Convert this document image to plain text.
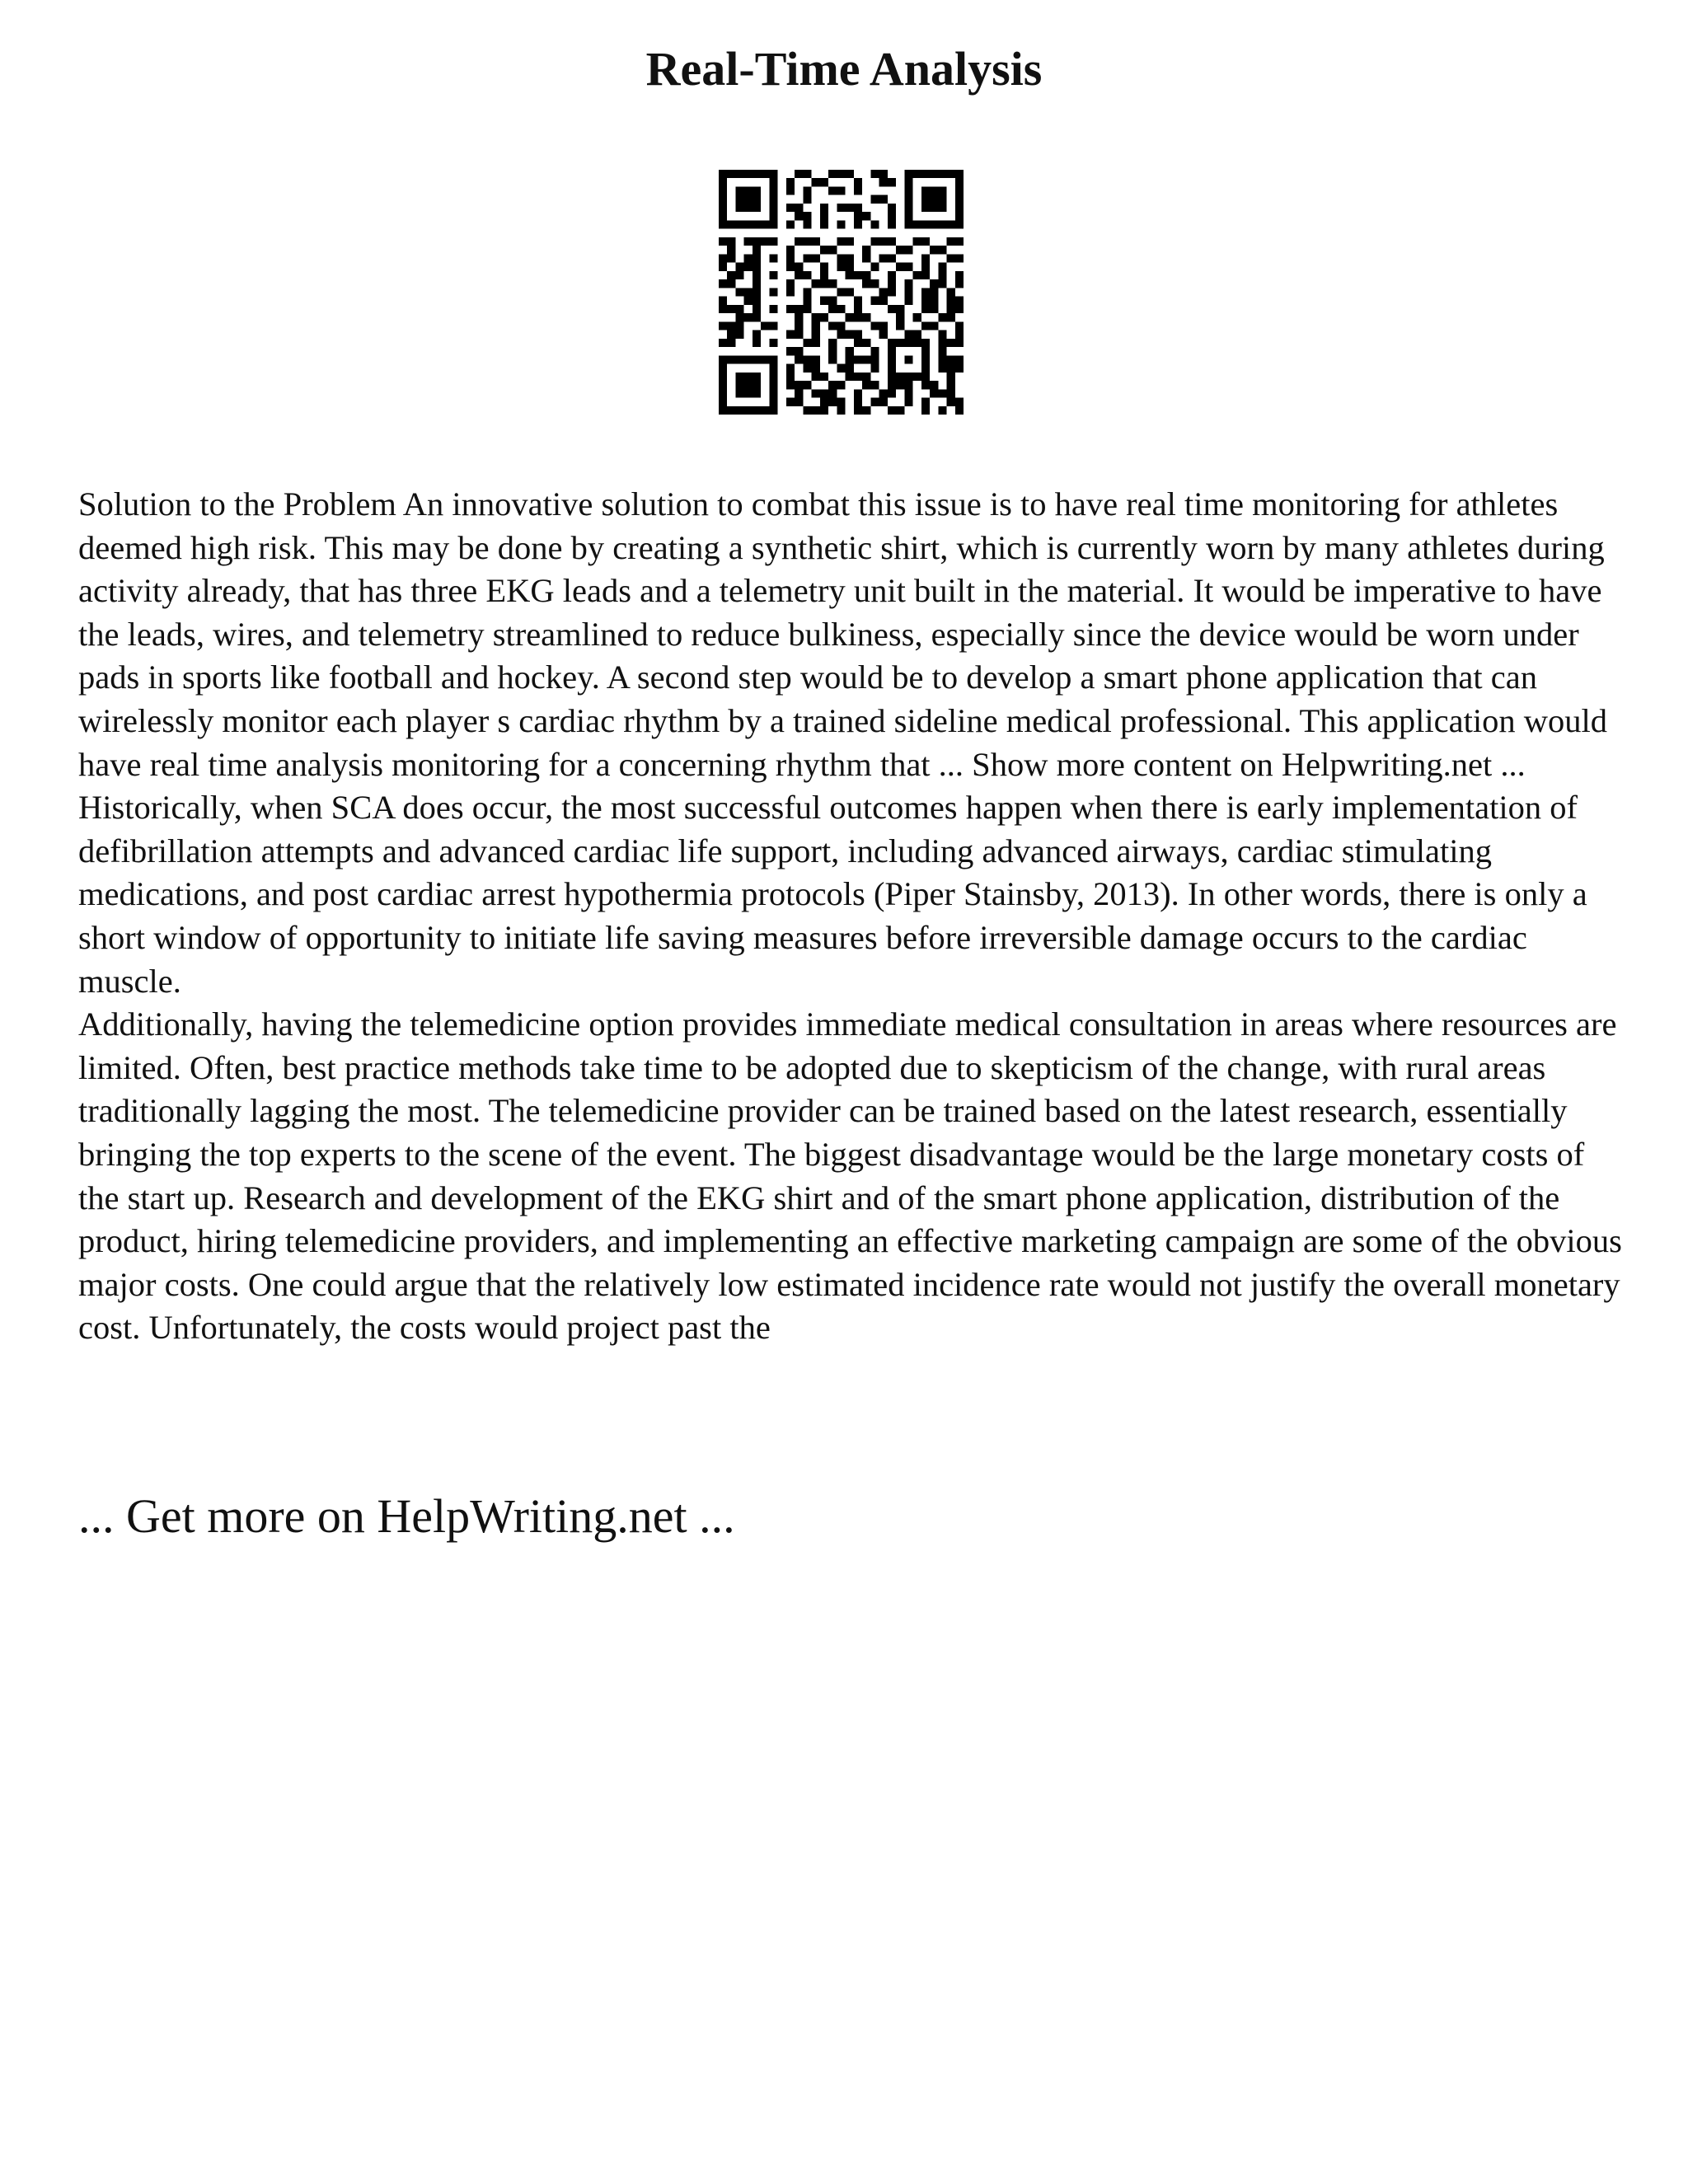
Real-Time Analysis

Solution to the Problem An innovative solution to combat this issue is to have real time monitoring for athletes deemed high risk. This may be done by creating a synthetic shirt, which is currently worn by many athletes during activity already, that has three EKG leads and a telemetry unit built in the material. It would be imperative to have the leads, wires, and telemetry streamlined to reduce bulkiness, especially since the device would be worn under pads in sports like football and hockey. A second step would be to develop a smart phone application that can wirelessly monitor each player s cardiac rhythm by a trained sideline medical professional. This application would have real time analysis monitoring for a concerning rhythm that ... Show more content on Helpwriting.net ... Historically, when SCA does occur, the most successful outcomes happen when there is early implementation of defibrillation attempts and advanced cardiac life support, including advanced airways, cardiac stimulating medications, and post cardiac arrest hypothermia protocols (Piper Stainsby, 2013). In other words, there is only a short window of opportunity to initiate life saving measures before irreversible damage occurs to the cardiac muscle.

Additionally, having the telemedicine option provides immediate medical consultation in areas where resources are limited. Often, best practice methods take time to be adopted due to skepticism of the change, with rural areas traditionally lagging the most. The telemedicine provider can be trained based on the latest research, essentially bringing the top experts to the scene of the event. The biggest disadvantage would be the large monetary costs of the start up. Research and development of the EKG shirt and of the smart phone application, distribution of the product, hiring telemedicine providers, and implementing an effective marketing campaign are some of the obvious major costs. One could argue that the relatively low estimated incidence rate would not justify the overall monetary cost. Unfortunately, the costs would project past the

... Get more on HelpWriting.net ...
